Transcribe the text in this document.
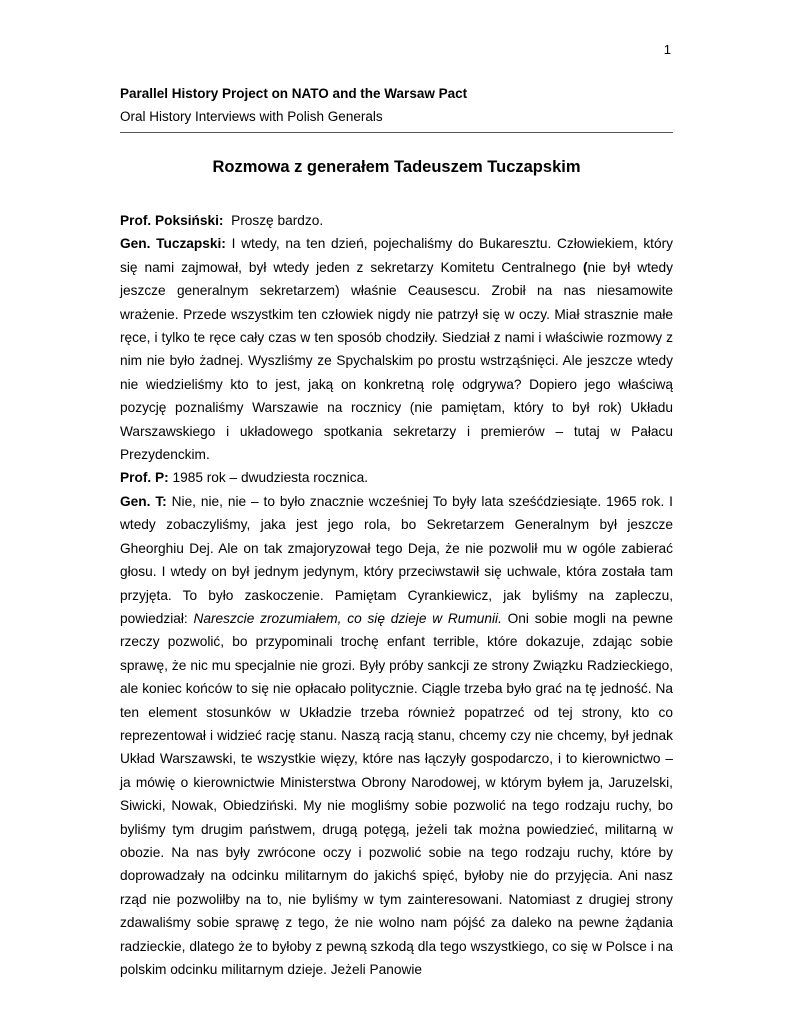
1

Parallel History Project on NATO and the Warsaw Pact

Oral History Interviews with Polish Generals

Rozmowa z generałem Tadeuszem Tuczapskim

Prof. Poksiński: Proszę bardzo.

Gen. Tuczapski: I wtedy, na ten dzień, pojechaliśmy do Bukaresztu. Człowiekiem, który się nami zajmował, był wtedy jeden z sekretarzy Komitetu Centralnego (nie był wtedy jeszcze generalnym sekretarzem) właśnie Ceausescu. Zrobił na nas niesamowite wrażenie. Przede wszystkim ten człowiek nigdy nie patrzył się w oczy. Miał strasznie małe ręce, i tylko te ręce cały czas w ten sposób chodziły. Siedział z nami i właściwie rozmowy z nim nie było żadnej. Wyszliśmy ze Spychalskim po prostu wstrząśnięci. Ale jeszcze wtedy nie wiedzieliśmy kto to jest, jaką on konkretną rolę odgrywa? Dopiero jego właściwą pozycję poznaliśmy Warszawie na rocznicy (nie pamiętam, który to był rok) Układu Warszawskiego i układowego spotkania sekretarzy i premierów – tutaj w Pałacu Prezydenckim.

Prof. P: 1985 rok – dwudziesta rocznica.

Gen. T: Nie, nie, nie – to było znacznie wcześniej To były lata sześćdziesiąte. 1965 rok. I wtedy zobaczyliśmy, jaka jest jego rola, bo Sekretarzem Generalnym był jeszcze Gheorghiu Dej. Ale on tak zmajoryzował tego Deja, że nie pozwolił mu w ogóle zabierać głosu. I wtedy on był jednym jedynym, który przeciwstawił się uchwale, która została tam przyjęta. To było zaskoczenie. Pamiętam Cyrankiewicz, jak byliśmy na zapleczu, powiedział: Nareszcie zrozumiałem, co się dzieje w Rumunii. Oni sobie mogli na pewne rzeczy pozwolić, bo przypominali trochę enfant terrible, które dokazuje, zdając sobie sprawę, że nic mu specjalnie nie grozi. Były próby sankcji ze strony Związku Radzieckiego, ale koniec końców to się nie opłacało politycznie. Ciągle trzeba było grać na tę jedność. Na ten element stosunków w Układzie trzeba również popatrzeć od tej strony, kto co reprezentował i widzieć rację stanu. Naszą racją stanu, chcemy czy nie chcemy, był jednak Układ Warszawski, te wszystkie więzy, które nas łączyły gospodarczo, i to kierownictwo – ja mówię o kierownictwie Ministerstwa Obrony Narodowej, w którym byłem ja, Jaruzelski, Siwicki, Nowak, Obiedziński. My nie mogliśmy sobie pozwolić na tego rodzaju ruchy, bo byliśmy tym drugim państwem, drugą potęgą, jeżeli tak można powiedzieć, militarną w obozie. Na nas były zwrócone oczy i pozwolić sobie na tego rodzaju ruchy, które by doprowadzały na odcinku militarnym do jakichś spięć, byłoby nie do przyjęcia. Ani nasz rząd nie pozwoliłby na to, nie byliśmy w tym zainteresowani. Natomiast z drugiej strony zdawaliśmy sobie sprawę z tego, że nie wolno nam pójść za daleko na pewne żądania radzieckie, dlatego że to byłoby z pewną szkodą dla tego wszystkiego, co się w Polsce i na polskim odcinku militarnym dzieje. Jeżeli Panowie
